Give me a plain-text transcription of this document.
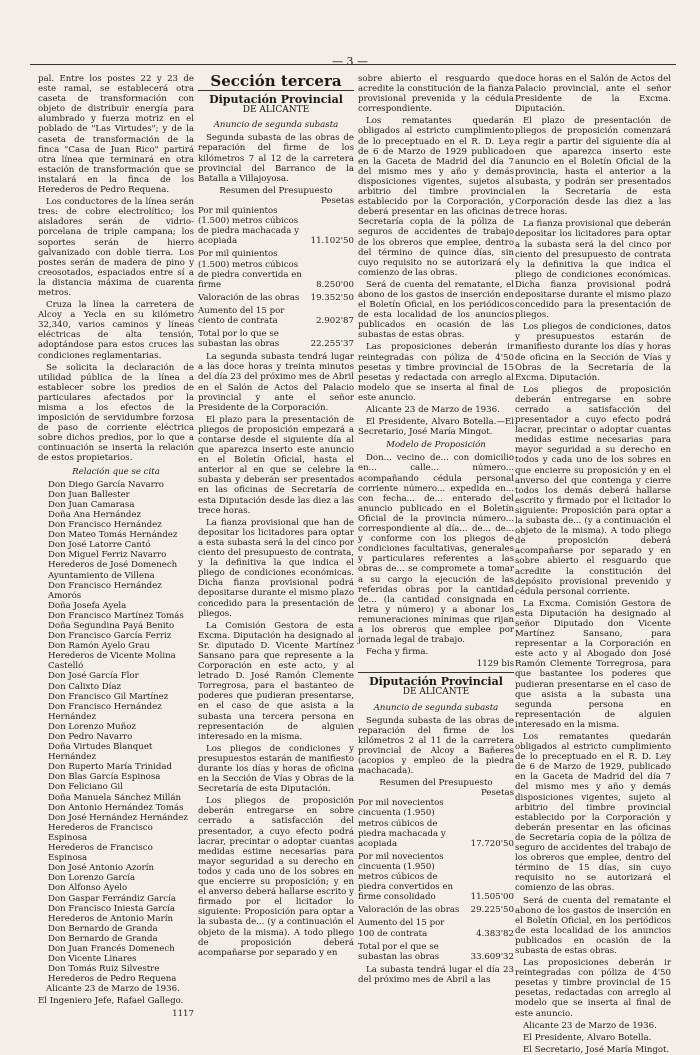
— 3 —

pal. Entre los postes 22 y 23 de este ramal, se establecerá otra caseta de transformación con objeto de distribuir energía para alumbrado y fuerza motriz en el poblado de "Las Virtudes"; y de la caseta de transformación de la finca "Casa de Juan Rico" partirá otra línea que terminará en otra estación de transformación que se instalará en la finca de los Herederos de Pedro Requena.

Los conductores de la línea serán tres: de cobre electrolítico; los aisladores serán de vidrio-porcelana de triple campana; los soportes serán de hierro galvanizado con doble tierra. Los postes serán de madera de pino y creosotados, espaciados entre sí a la distancia máxima de cuarenta metros.

Cruza la línea la carretera de Alcoy a Yecla en su kilómetro 32,340, varios caminos y líneas eléctricas de alta tensión, adoptándose para estos cruces las condiciones reglamentarias.

Se solicita la declaración de utilidad pública de la línea a establecer sobre los predios de particulares afectados por la misma a los efectos de la imposición de servidumbre forzosa de paso de corriente eléctrica sobre dichos predios, por lo que a continuación se inserta la relación de estos propietarios.

Relación que se cita
Don Diego García Navarro
Don Juan Ballester
Don Juan Camarasa
Doña Ana Hernández
Don Francisco Hernández
Don Mateo Tomás Hernández
Don José Latorre Cantó
Don Miguel Ferriz Navarro
Herederos de José Domenech
Ayuntamiento de Villena
Don Francisco Hernández Amorós
Doña Josefa Ayela
Don Francisco Martínez Tomás
Doña Segundina Payá Benito
Don Francisco García Ferriz
Don Ramón Ayelo Grau
Herederos de Vicente Molina Castelló
Don José García Flor
Don Calixto Díaz
Don Francisco Gil Martínez
Don Francisco Hernández Hernández
Don Lorenzo Muñoz
Don Pedro Navarro
Doña Virtudes Blanquet Hernández
Don Ruperto María Trinidad
Don Blas García Espinosa
Don Feliciano Gil
Doña Manuela Sánchez Millán
Don Antonio Hernández Tomás
Don José Hernández Hernández
Herederos de Francisco Espinosa
Herederos de Francisco Espinosa
Don José Antonio Azorín
Don Lorenzo García
Don Alfonso Ayelo
Don Gaspar Ferrándiz García
Don Francisco Iniesta García
Herederos de Antonio Marín
Don Bernardo de Granda
Don Bernardo de Granda
Don Juan Francés Domenech
Don Vicente Linares
Don Tomás Ruiz Silvestre
Herederos de Pedro Requena

Alicante 23 de Marzo de 1936.

El Ingeniero Jefe, Rafael Gallego.

1117
Sección tercera
Diputación Provincial
DE ALICANTE
Anuncio de segunda subasta

Segunda subasta de las obras de reparación del firme de los kilómetros 7 al 12 de la carretera provincial del Barranco de la Batalla a Villajoyosa.

Resumen del Presupuesto
Pesetas
Por mil quinientos (1.500) metros cúbicos de piedra machacada y acopiada	11.102'50
Por mil quinientos (1.500) metros cúbicos de piedra convertida en firme	8.250'00
Valoración de las obras	19.352'50
Aumento del 15 por ciento de contrata	2.902'87
Total por lo que se subastan las obras	22.255'37

La segunda subasta tendrá lugar a las doce horas y treinta minutos del día 23 del próximo mes de Abril en el Salón de Actos del Palacio provincial y ante el señor Presidente de la Corporación.

El plazo para la presentación de pliegos de proposición empezará a contarse desde el siguiente día al que aparezca inserto este anuncio en el Boletín Oficial, hasta el anterior al en que se celebre la subasta y deberán ser presentados en las oficinas de Secretaría de esta Diputación desde las diez a las trece horas.

La fianza provisional que han de depositar los licitadores para optar a esta subasta será la del cinco por ciento del presupuesto de contrata, y la definitiva la que indica el pliego de condiciones económicas. Dicha fianza provisional podrá depositarse durante el mismo plazo concedido para la presentación de pliegos.

La Comisión Gestora de esta Excma. Diputación ha designado al Sr. diputado D. Vicente Martínez Sansano para que represente a la Corporación en este acto, y al letrado D. José Ramón Clemente Torregrosa, para el bastanteo de poderes que pudieran presentarse, en el caso de que asista a la subasta una tercera persona en representación de alguien interesado en la misma.

Los pliegos de condiciones y presupuestos estarán de manifiesto durante los días y horas de oficina en la Sección de Vías y Obras de la Secretaría de esta Diputación.

Los pliegos de proposición deberán entregarse en sobre cerrado a satisfacción del presentador, a cuyo efecto podrá lacrar, precintar o adoptar cuantas medidas estime necesarias para mayor seguridad a su derecho en todos y cada uno de los sobres en que encierre su proposición; y en el anverso deberá hallarse escrito y firmado por el licitador lo siguiente: Proposición para optar a la subasta de... (y a continuación el objeto de la misma). A todo pliego de proposición deberá acompañarse por separado y en

sobre abierto el resguardo que acredite la constitución de la fianza provisional prevenida y la cédula correspondiente.

Los rematantes quedarán obligados al estricto cumplimiento de lo preceptuado en el R. D. Ley de 6 de Marzo de 1929 publicado en la Gaceta de Madrid del día 7 del mismo mes y año y demás disposiciones vigentes, sujetos al arbitrio del timbre provincial establecido por la Corporación, y deberá presentar en las oficinas de Secretaría copia de la póliza de seguros de accidentes de trabajo de los obreros que emplee, dentro del término de quince días, sin cuyo requisito no se autorizará el comienzo de las obras.

Será de cuenta del rematante, el abono de los gastos de inserción en el Boletín Oficial, en los periódicos de esta localidad de los anuncios publicados en ocasión de las subastas de estas obras.

Las proposiciones deberán ir reintegradas con póliza de 4'50 pesetas y timbre provincial de 15 pesetas y redactada con arreglo al modelo que se inserta al final de este anuncio.

Alicante 23 de Marzo de 1936.

El Presidente, Alvaro Botella.—El Secretario, José María Mingot.

Modelo de Proposición

Don... vecino de... con domicilio en... calle... número... acompañando cédula personal corriente número... expedida en... con fecha... de... enterado del anuncio publicado en el Boletín Oficial de la provincia número... correspondiente al día... de... de... y conforme con los pliegos de condiciones facultativas, generales y particulares referentes a las obras de... se compromete a tomar a su cargo la ejecución de las referidas obras por la cantidad de... (la cantidad consignada en letra y número) y a abonar los remuneraciones mínimas que rijan a los obreros que emplee por jornada legal de trabajo.

Fecha y firma.

1129 bis
Diputación Provincial
DE ALICANTE
Anuncio de segunda subasta

Segunda subasta de las obras de reparación del firme de los kilómetros 2 al 11 de la carretera provincial de Alcoy a Bañeres (acopios y empleo de la piedra machacada).

Resumen del Presupuesto
Pesetas
Por mil novecientos cincuenta (1.950) metros cúbicos de piedra machacada y acopiada	17.720'50
Por mil novecientos cincuenta (1.950) metros cúbicos de piedra convertidos en firme consolidado	11.505'00
Valoración de las obras	29.225'50
Aumento del 15 por 100 de contrata	4.383'82
Total por el que se subastan las obras	33.609'32

La subasta tendrá lugar el día 23 del próximo mes de Abril a las

doce horas en el Salón de Actos del Palacio provincial, ante el señor Presidente de la Excma. Diputación.

El plazo de presentación de pliegos de proposición comenzará a regir a partir del siguiente día al en que aparezca inserto este anuncio en el Boletín Oficial de la provincia, hasta el anterior a la subasta, y podrán ser presentados en la Secretaría de esta Corporación desde las diez a las trece horas.

La fianza provisional que deberán depositar los licitadores para optar a la subasta será la del cinco por ciento del presupuesto de contrata y la definitiva la que indica el pliego de condiciones económicas. Dicha fianza provisional podrá depositarse durante el mismo plazo concedido para la presentación de pliegos.

Los pliegos de condiciones, datos y presupuestos estarán de manifiesto durante los días y horas de oficina en la Sección de Vías y Obras de la Secretaría de la Excma. Diputación.

Los pliegos de proposición deberán entregarse en sobre cerrado a satisfacción del presentador a cuyo efecto podrá lacrar, precintar o adoptar cuantas medidas estime necesarias para mayor seguridad a su derecho en todos y cada uno de los sobres en que encierre su proposición y en el anverso del que contenga y cierre todos los demás deberá hallarse escrito y firmado por el licitador lo siguiente: Proposición para optar a la subasta de... (y a continuación el objeto de la misma). A todo pliego de proposición deberá acompañarse por separado y en sobre abierto el resguardo que acredite la constitución del depósito provisional prevenido y cédula personal corriente.

La Excma. Comisión Gestora de esta Diputación ha designado al señor Diputado don Vicente Martínez Sansano, para representar a la Corporación en este acto y al Abogado don José Ramón Clemente Torregrosa, para que bastantee los poderes que pudieran presentarse en el caso de que asista a la subasta una segunda persona en representación de alguien interesado en la misma.

Los rematantes quedarán obligados al estricto cumplimiento de lo preceptuado en el R. D. Ley de 6 de Marzo de 1929, publicado en la Gaceta de Madrid del día 7 del mismo mes y año y demás disposiciones vigentes, sujeto al arbitrio del timbre provincial establecido por la Corporación y deberán presentar en las oficinas de Secretaría copia de la póliza de seguro de accidentes del trabajo de los obreros que emplee, dentro del término de 15 días, sin cuyo requisito no se autorizará el comienzo de las obras.

Será de cuenta del rematante el abono de los gastos de inserción en el Boletín Oficial, en los periódicos de esta localidad de los anuncios publicados en ocasión de la subasta de estas obras.

Las proposiciones deberán ir reintegradas con póliza de 4'50 pesetas y timbre provincial de 15 pesetas, redactadas con arreglo al modelo que se inserta al final de este anuncio.

Alicante 23 de Marzo de 1936.

El Presidente, Alvaro Botella.

El Secretario, José María Mingot.
